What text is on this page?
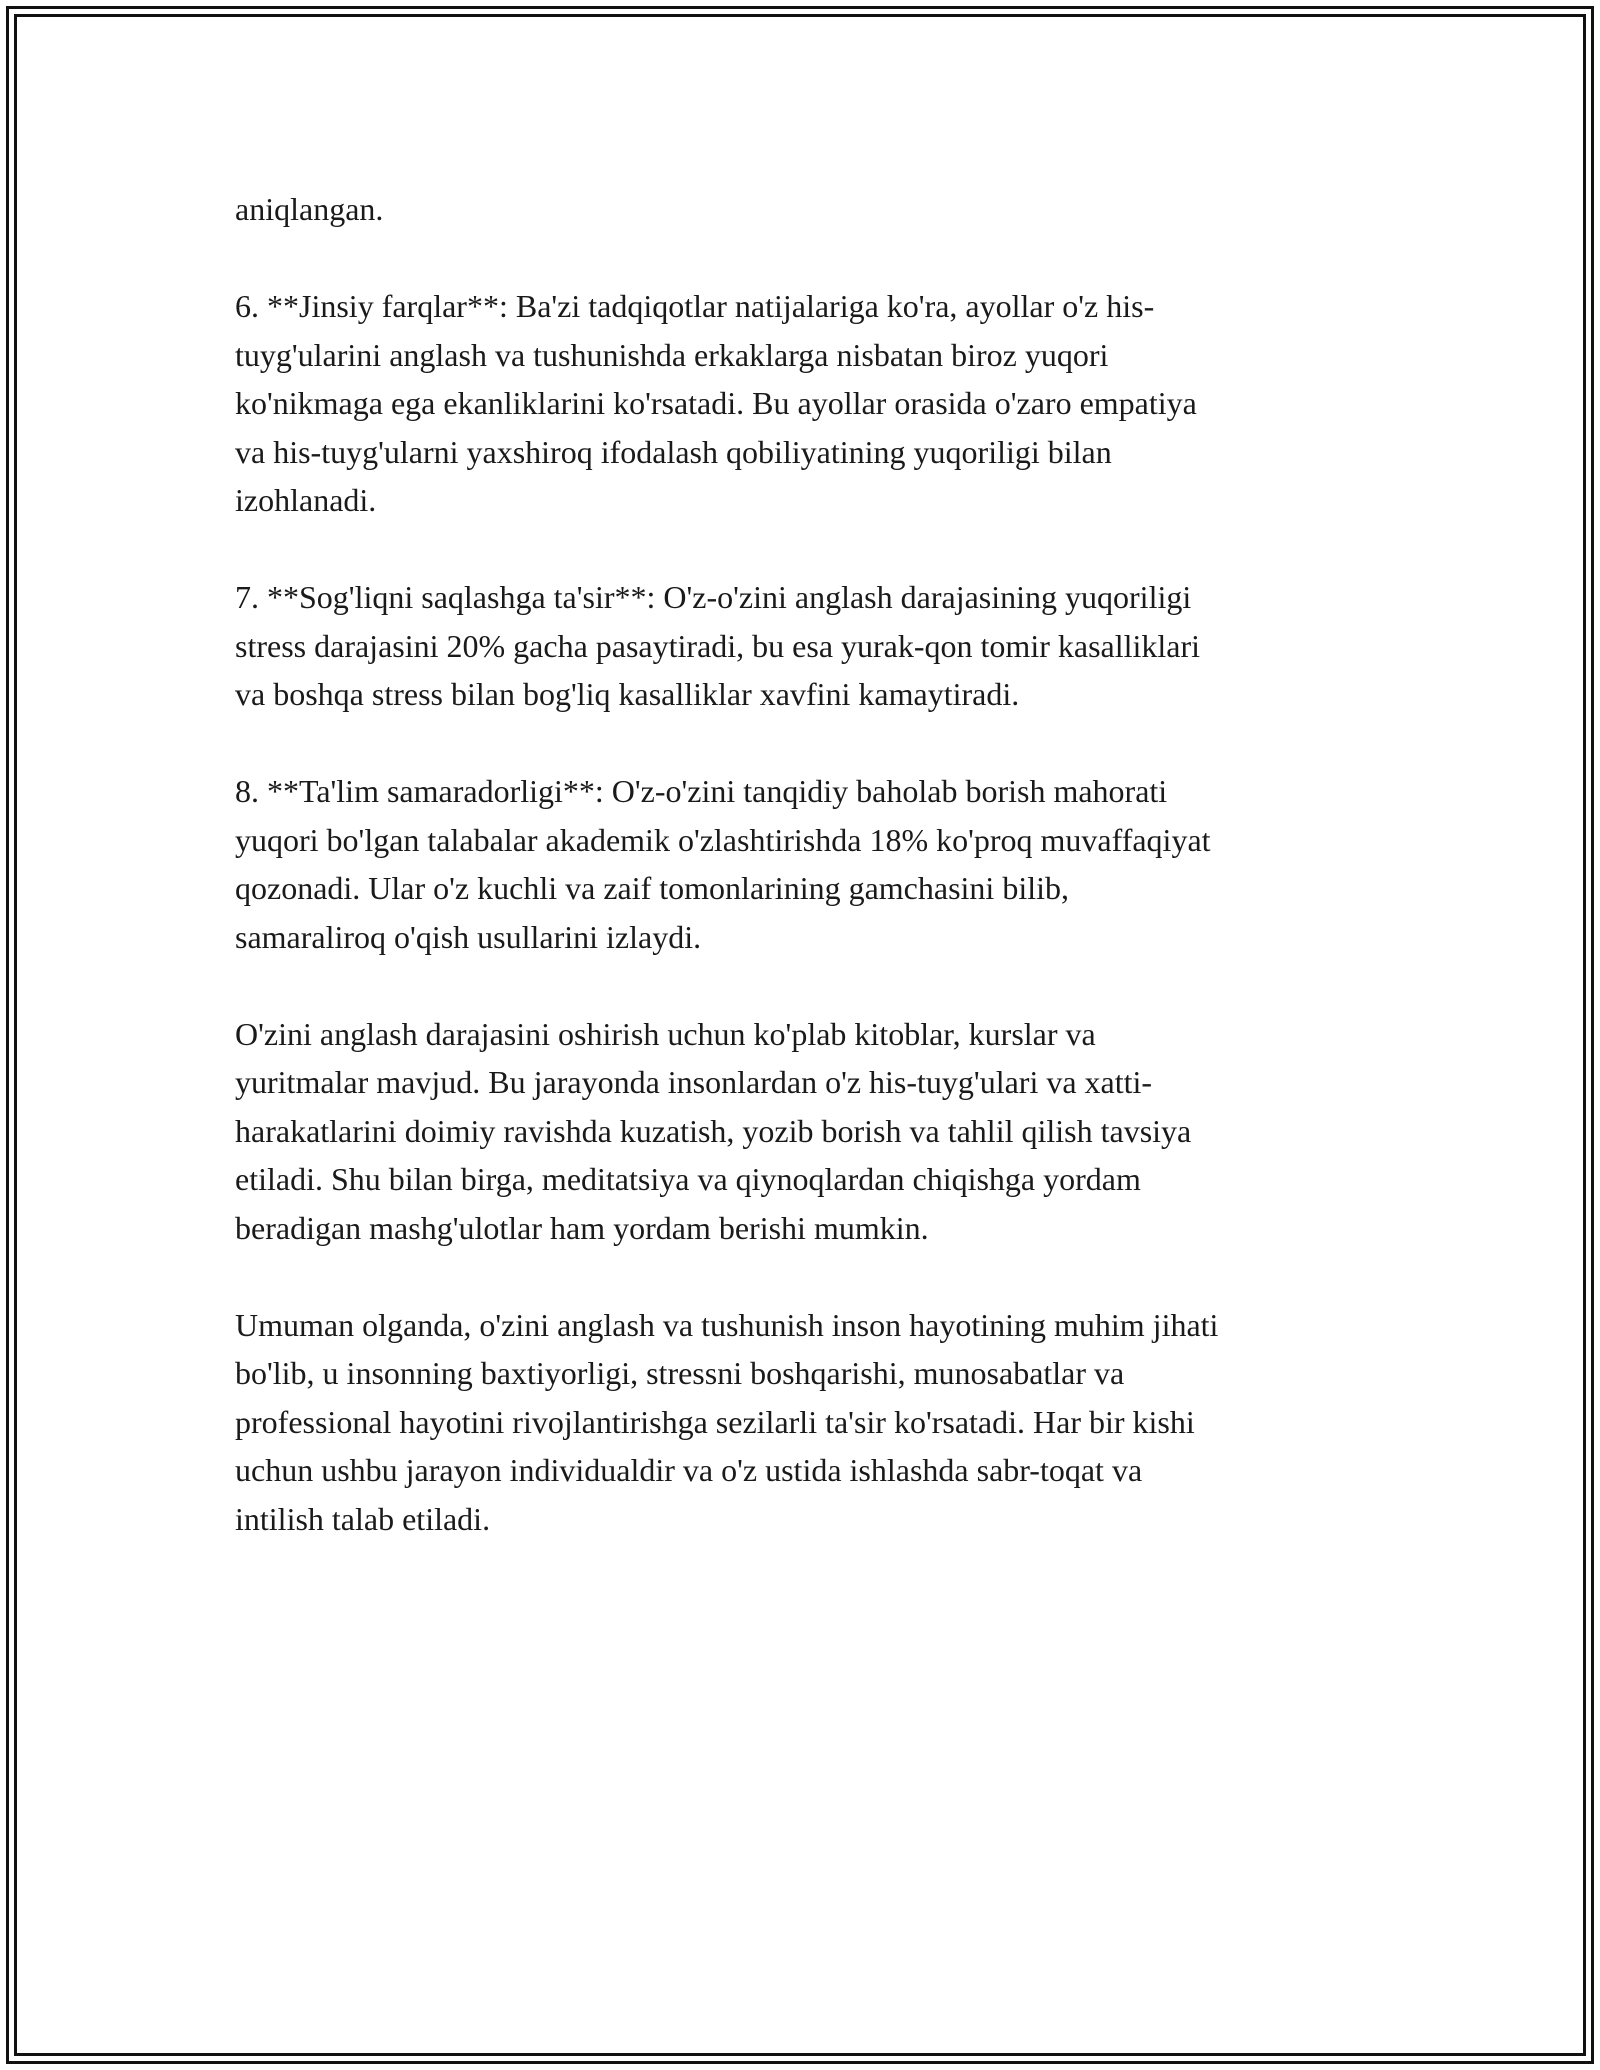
aniqlangan.

6. **Jinsiy farqlar**: Ba'zi tadqiqotlar natijalariga ko'ra, ayollar o'z his-
tuyg'ularini anglash va tushunishda erkaklarga nisbatan biroz yuqori
ko'nikmaga ega ekanliklarini ko'rsatadi. Bu ayollar orasida o'zaro empatiya
va his-tuyg'ularni yaxshiroq ifodalash qobiliyatining yuqoriligi bilan
izohlanadi.

7. **Sog'liqni saqlashga ta'sir**: O'z-o'zini anglash darajasining yuqoriligi
stress darajasini 20% gacha pasaytiradi, bu esa yurak-qon tomir kasalliklari
va boshqa stress bilan bog'liq kasalliklar xavfini kamaytiradi.

8. **Ta'lim samaradorligi**: O'z-o'zini tanqidiy baholab borish mahorati
yuqori bo'lgan talabalar akademik o'zlashtirishda 18% ko'proq muvaffaqiyat
qozonadi. Ular o'z kuchli va zaif tomonlarining gamchasini bilib,
samaraliroq o'qish usullarini izlaydi.

O'zini anglash darajasini oshirish uchun ko'plab kitoblar, kurslar va
yuritmalar mavjud. Bu jarayonda insonlardan o'z his-tuyg'ulari va xatti-
harakatlarini doimiy ravishda kuzatish, yozib borish va tahlil qilish tavsiya
etiladi. Shu bilan birga, meditatsiya va qiynoqlardan chiqishga yordam
beradigan mashg'ulotlar ham yordam berishi mumkin.

Umuman olganda, o'zini anglash va tushunish inson hayotining muhim jihati
bo'lib, u insonning baxtiyorligi, stressni boshqarishi, munosabatlar va
professional hayotini rivojlantirishga sezilarli ta'sir ko'rsatadi. Har bir kishi
uchun ushbu jarayon individualdir va o'z ustida ishlashda sabr-toqat va
intilish talab etiladi.
